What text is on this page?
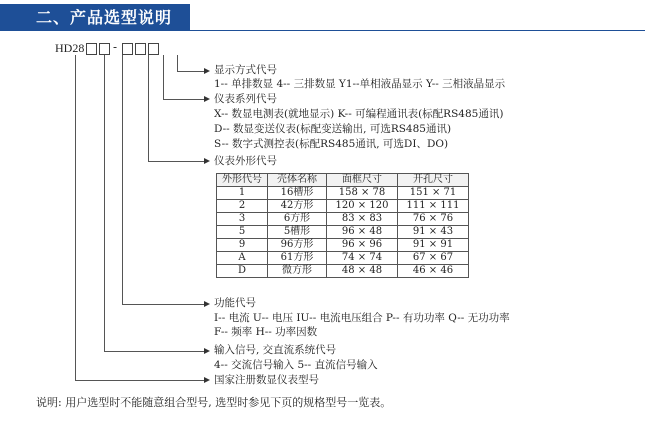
二、产品选型说明
HD28 -
显示方式代号
1-- 单排数显 4-- 三排数显 Y1--单相液晶显示 Y-- 三相液晶显示
仪表系列代号
X-- 数显电测表(就地显示) K-- 可编程通讯表(标配RS485通讯)
D-- 数显变送仪表(标配变送输出, 可选RS485通讯)
S-- 数字式测控表(标配RS485通讯, 可选DI、DO)
仪表外形代号
外形代号	壳体名称	面框尺寸	开孔尺寸
1	16槽形	158 × 78	151 × 71
2	42方形	120 × 120	111 × 111
3	6方形	83 × 83	76 × 76
5	5槽形	96 × 48	91 × 43
9	96方形	96 × 96	91 × 91
A	61方形	74 × 74	67 × 67
D	微方形	48 × 48	46 × 46
功能代号
I-- 电流 U-- 电压 IU-- 电流电压组合 P-- 有功功率 Q-- 无功功率
F-- 频率 H-- 功率因数
输入信号, 交直流系统代号
4-- 交流信号输入 5-- 直流信号输入
国家注册数显仪表型号
说明: 用户选型时不能随意组合型号, 选型时参见下页的规格型号一览表。
